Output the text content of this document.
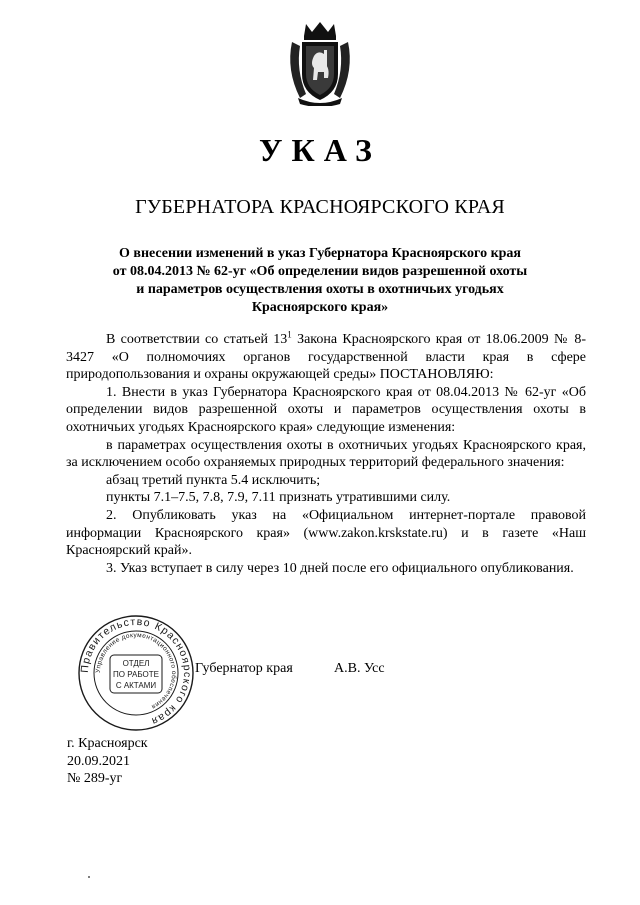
УКАЗ
ГУБЕРНАТОРА КРАСНОЯРСКОГО КРАЯ
О внесении изменений в указ Губернатора Красноярского края
от 08.04.2013 № 62-уг «Об определении видов разрешенной охоты
и параметров осуществления охоты в охотничьих угодьях
Красноярского края»

В соответствии со статьей $13^1$ Закона Красноярского края от 18.06.2009 № 8-3427 «О полномочиях органов государственной власти края в сфере природопользования и охраны окружающей среды» ПОСТАНОВЛЯЮ:

1. Внести в указ Губернатора Красноярского края от 08.04.2013 № 62-уг «Об определении видов разрешенной охоты и параметров осуществления охоты в охотничьих угодьях Красноярского края» следующие изменения:

в параметрах осуществления охоты в охотничьих угодьях Красноярского края, за исключением особо охраняемых природных территорий федерального значения:

абзац третий пункта 5.4 исключить;

пункты 7.1–7.5, 7.8, 7.9, 7.11 признать утратившими силу.

2. Опубликовать указ на «Официальном интернет-портале правовой информации Красноярского края» (www.zakon.krskstate.ru) и в газете «Наш Красноярский край».

3. Указ вступает в силу через 10 дней после его официального опубликования.

Губернатор края	А.В. Усс
Правительство Красноярского края
Управление документационного обеспечения
ОТДЕЛ
ПО РАБОТЕ
С АКТАМИ
г. Красноярск
20.09.2021
№ 289-уг
